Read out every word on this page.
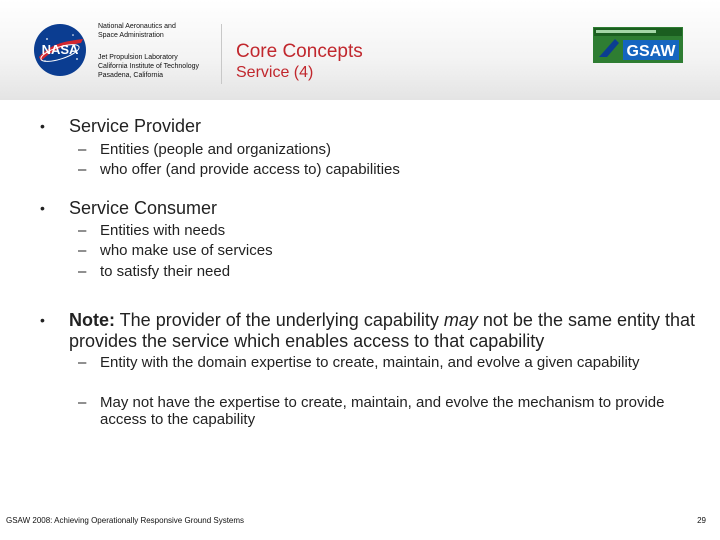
NASA
National Aeronautics and
Space Administration
Jet Propulsion Laboratory
California Institute of Technology
Pasadena, California
Core Concepts
Service (4)
GSAW
• Service Provider
– Entities (people and organizations)
– who offer (and provide access to) capabilities
• Service Consumer
– Entities with needs
– who make use of services
– to satisfy their need
• Note: The provider of the underlying capability may not be the same entity that provides the service which enables access to that capability
– Entity with the domain expertise to create, maintain, and evolve a given capability
– May not have the expertise to create, maintain, and evolve the mechanism to provide access to the capability
GSAW 2008: Achieving Operationally Responsive Ground Systems	29
